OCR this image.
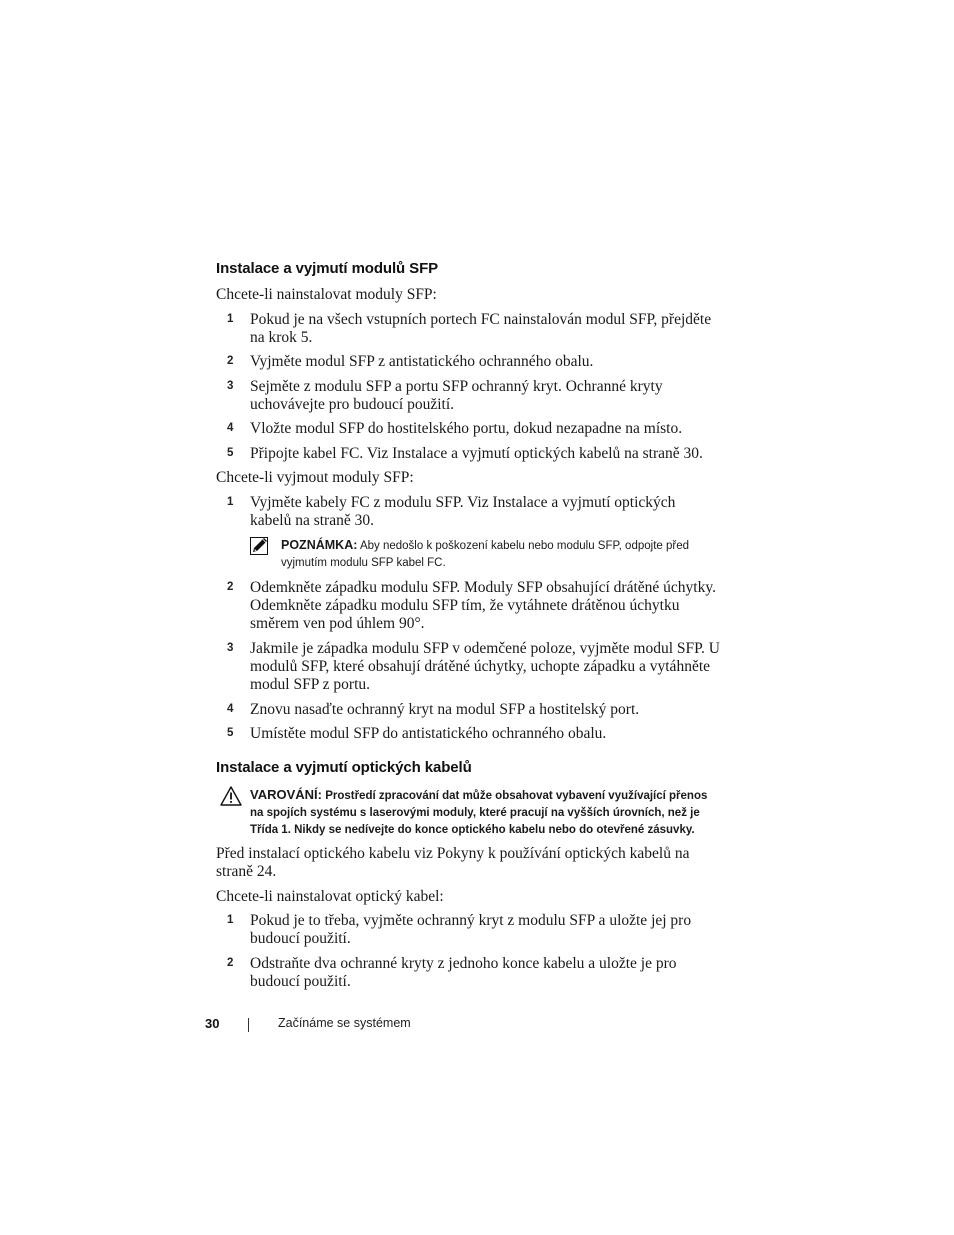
Instalace a vyjmutí modulů SFP
Chcete-li nainstalovat moduly SFP:
1 Pokud je na všech vstupních portech FC nainstalován modul SFP, přejděte na krok 5.
2 Vyjměte modul SFP z antistatického ochranného obalu.
3 Sejměte z modulu SFP a portu SFP ochranný kryt. Ochranné kryty uchovávejte pro budoucí použití.
4 Vložte modul SFP do hostitelského portu, dokud nezapadne na místo.
5 Připojte kabel FC. Viz Instalace a vyjmutí optických kabelů na straně 30.
Chcete-li vyjmout moduly SFP:
1 Vyjměte kabely FC z modulu SFP. Viz Instalace a vyjmutí optických kabelů na straně 30.
POZNÁMKA: Aby nedošlo k poškození kabelu nebo modulu SFP, odpojte před vyjmutím modulu SFP kabel FC.
2 Odemkněte západku modulu SFP. Moduly SFP obsahující drátěné úchytky. Odemkněte západku modulu SFP tím, že vytáhnete drátěnou úchytku směrem ven pod úhlem 90°.
3 Jakmile je západka modulu SFP v odemčené poloze, vyjměte modul SFP. U modulů SFP, které obsahují drátěné úchytky, uchopte západku a vytáhněte modul SFP z portu.
4 Znovu nasaďte ochranný kryt na modul SFP a hostitelský port.
5 Umístěte modul SFP do antistatického ochranného obalu.
Instalace a vyjmutí optických kabelů
VAROVÁNÍ: Prostředí zpracování dat může obsahovat vybavení využívající přenos na spojích systému s laserovými moduly, které pracují na vyšších úrovních, než je Třída 1. Nikdy se nedívejte do konce optického kabelu nebo do otevřené zásuvky.
Před instalací optického kabelu viz Pokyny k používání optických kabelů na straně 24.
Chcete-li nainstalovat optický kabel:
1 Pokud je to třeba, vyjměte ochranný kryt z modulu SFP a uložte jej pro budoucí použití.
2 Odstraňte dva ochranné kryty z jednoho konce kabelu a uložte je pro budoucí použití.
30	Začínáme se systémem
